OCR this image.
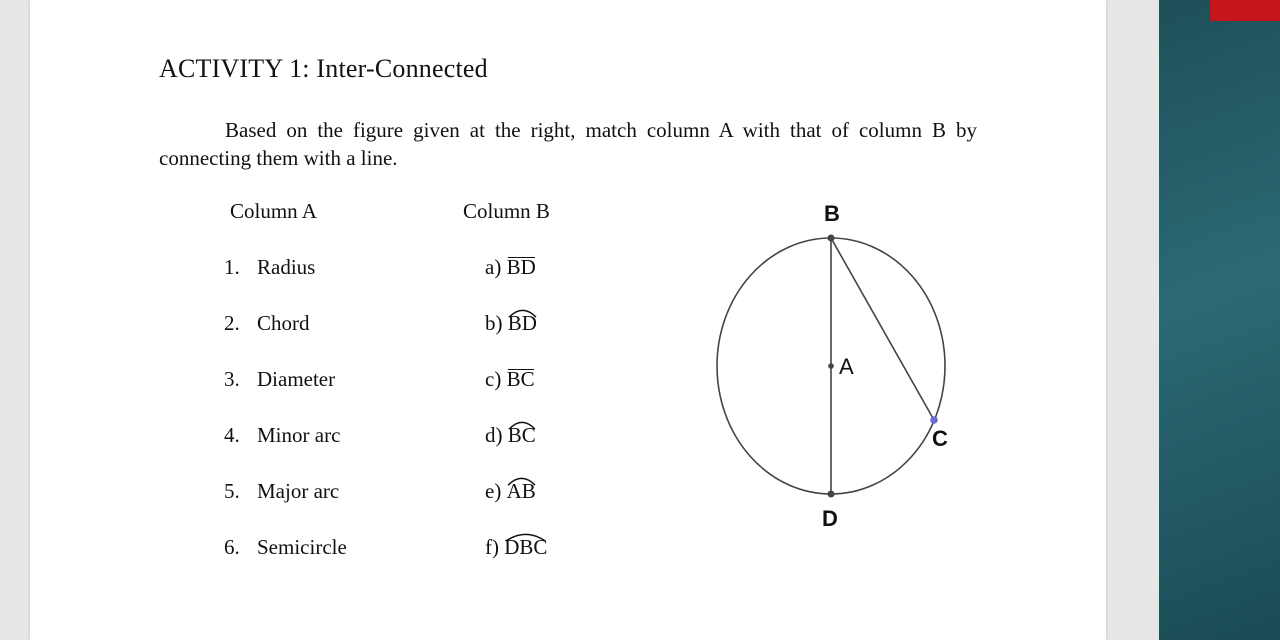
ACTIVITY 1: Inter-Connected
Based on the figure given at the right, match column A with that of column B by
connecting them with a line.
Column A	Column B
1. Radius
2. Chord
3. Diameter
4. Minor arc
5. Major arc
6. Semicircle
a) BD
b)
BD
c) BC
d)
BC
e)
AB
f)
DBC
B
A
C
D
